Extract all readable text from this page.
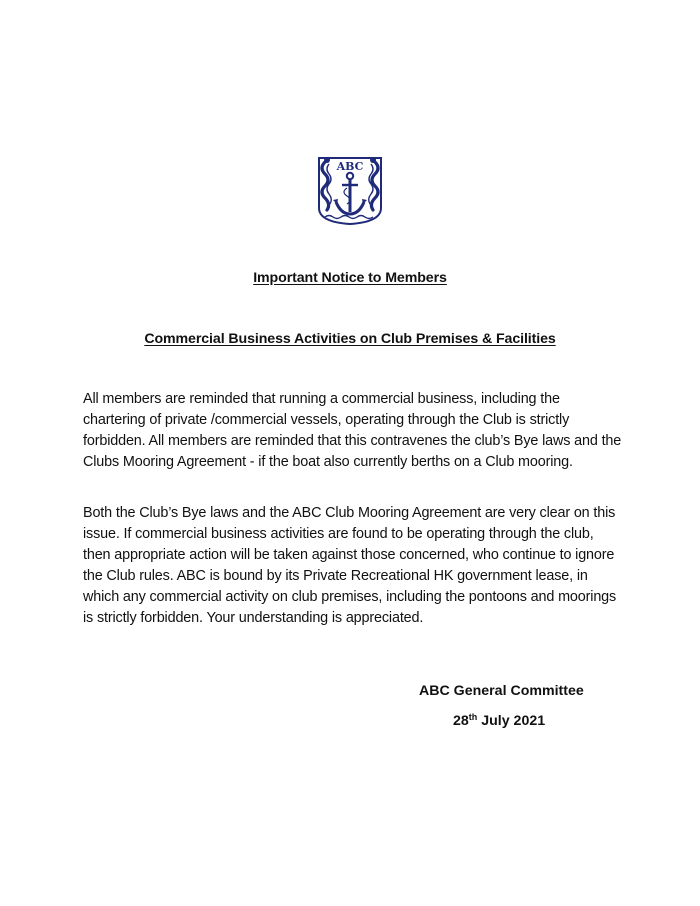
ABC
Important Notice to Members
Commercial Business Activities on Club Premises & Facilities

All members are reminded that running a commercial business, including the chartering of private /commercial vessels, operating through the Club is strictly forbidden. All members are reminded that this contravenes the club’s Bye laws and the Clubs Mooring Agreement - if the boat also currently berths on a Club mooring.

Both the Club’s Bye laws and the ABC Club Mooring Agreement are very clear on this issue. If commercial business activities are found to be operating through the club, then appropriate action will be taken against those concerned, who continue to ignore the Club rules. ABC is bound by its Private Recreational HK government lease, in which any commercial activity on club premises, including the pontoons and moorings is strictly forbidden. Your understanding is appreciated.

ABC General Committee
28th July 2021
